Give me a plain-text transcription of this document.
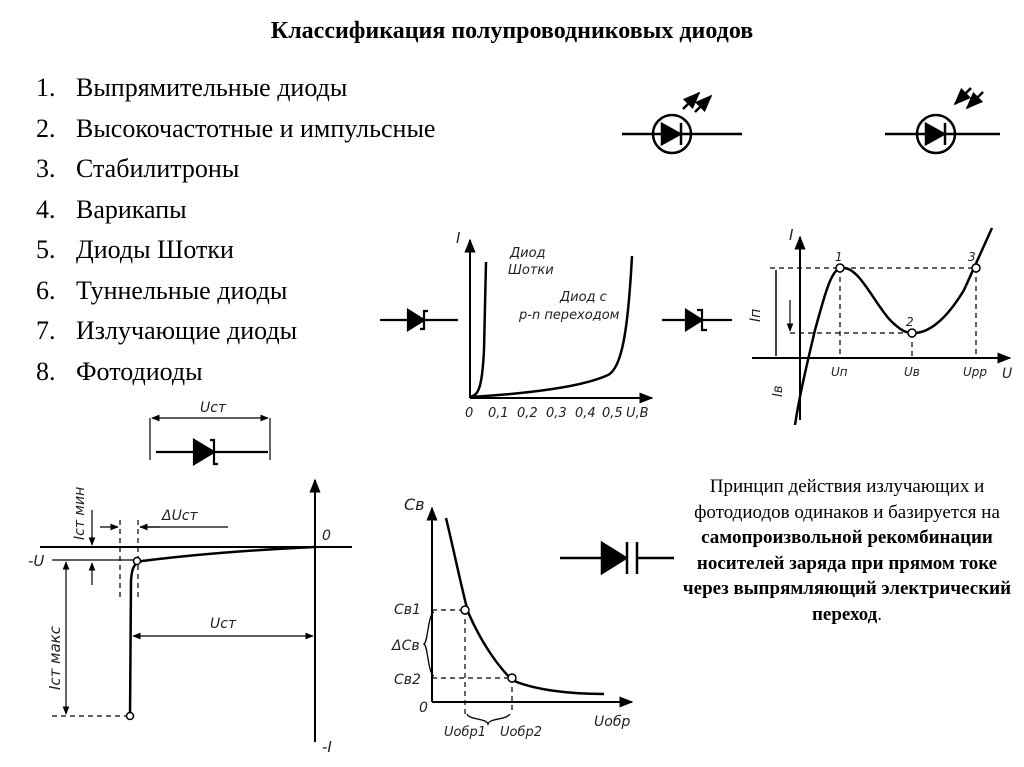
Классификация полупроводниковых диодов
1. Выпрямительные диоды
2. Высокочастотные и импульсные
3. Стабилитроны
4. Варикапы
5. Диоды Шотки
6. Туннельные диоды
7. Излучающие диоды
8. Фотодиоды
Принцип действия излучающих и фотодиодов одинаков и базируется на самопроизвольной рекомбинации носителей заряда при прямом токе через выпрямляющий электрический переход.
I
U,В
0 0,1 0,2 0,3 0,4 0,5
Диод
Шотки
Диод с
p-n переходом
I
U
1
2
3
Iп
Iв
Uп	Uв	Uрр
Uст
-U
-I
0
ΔUст
Uст
Iст мин
Iст макс
Cв
Cв1
ΔCв
Cв2
0
Uобр1 Uобр2
Uобр
